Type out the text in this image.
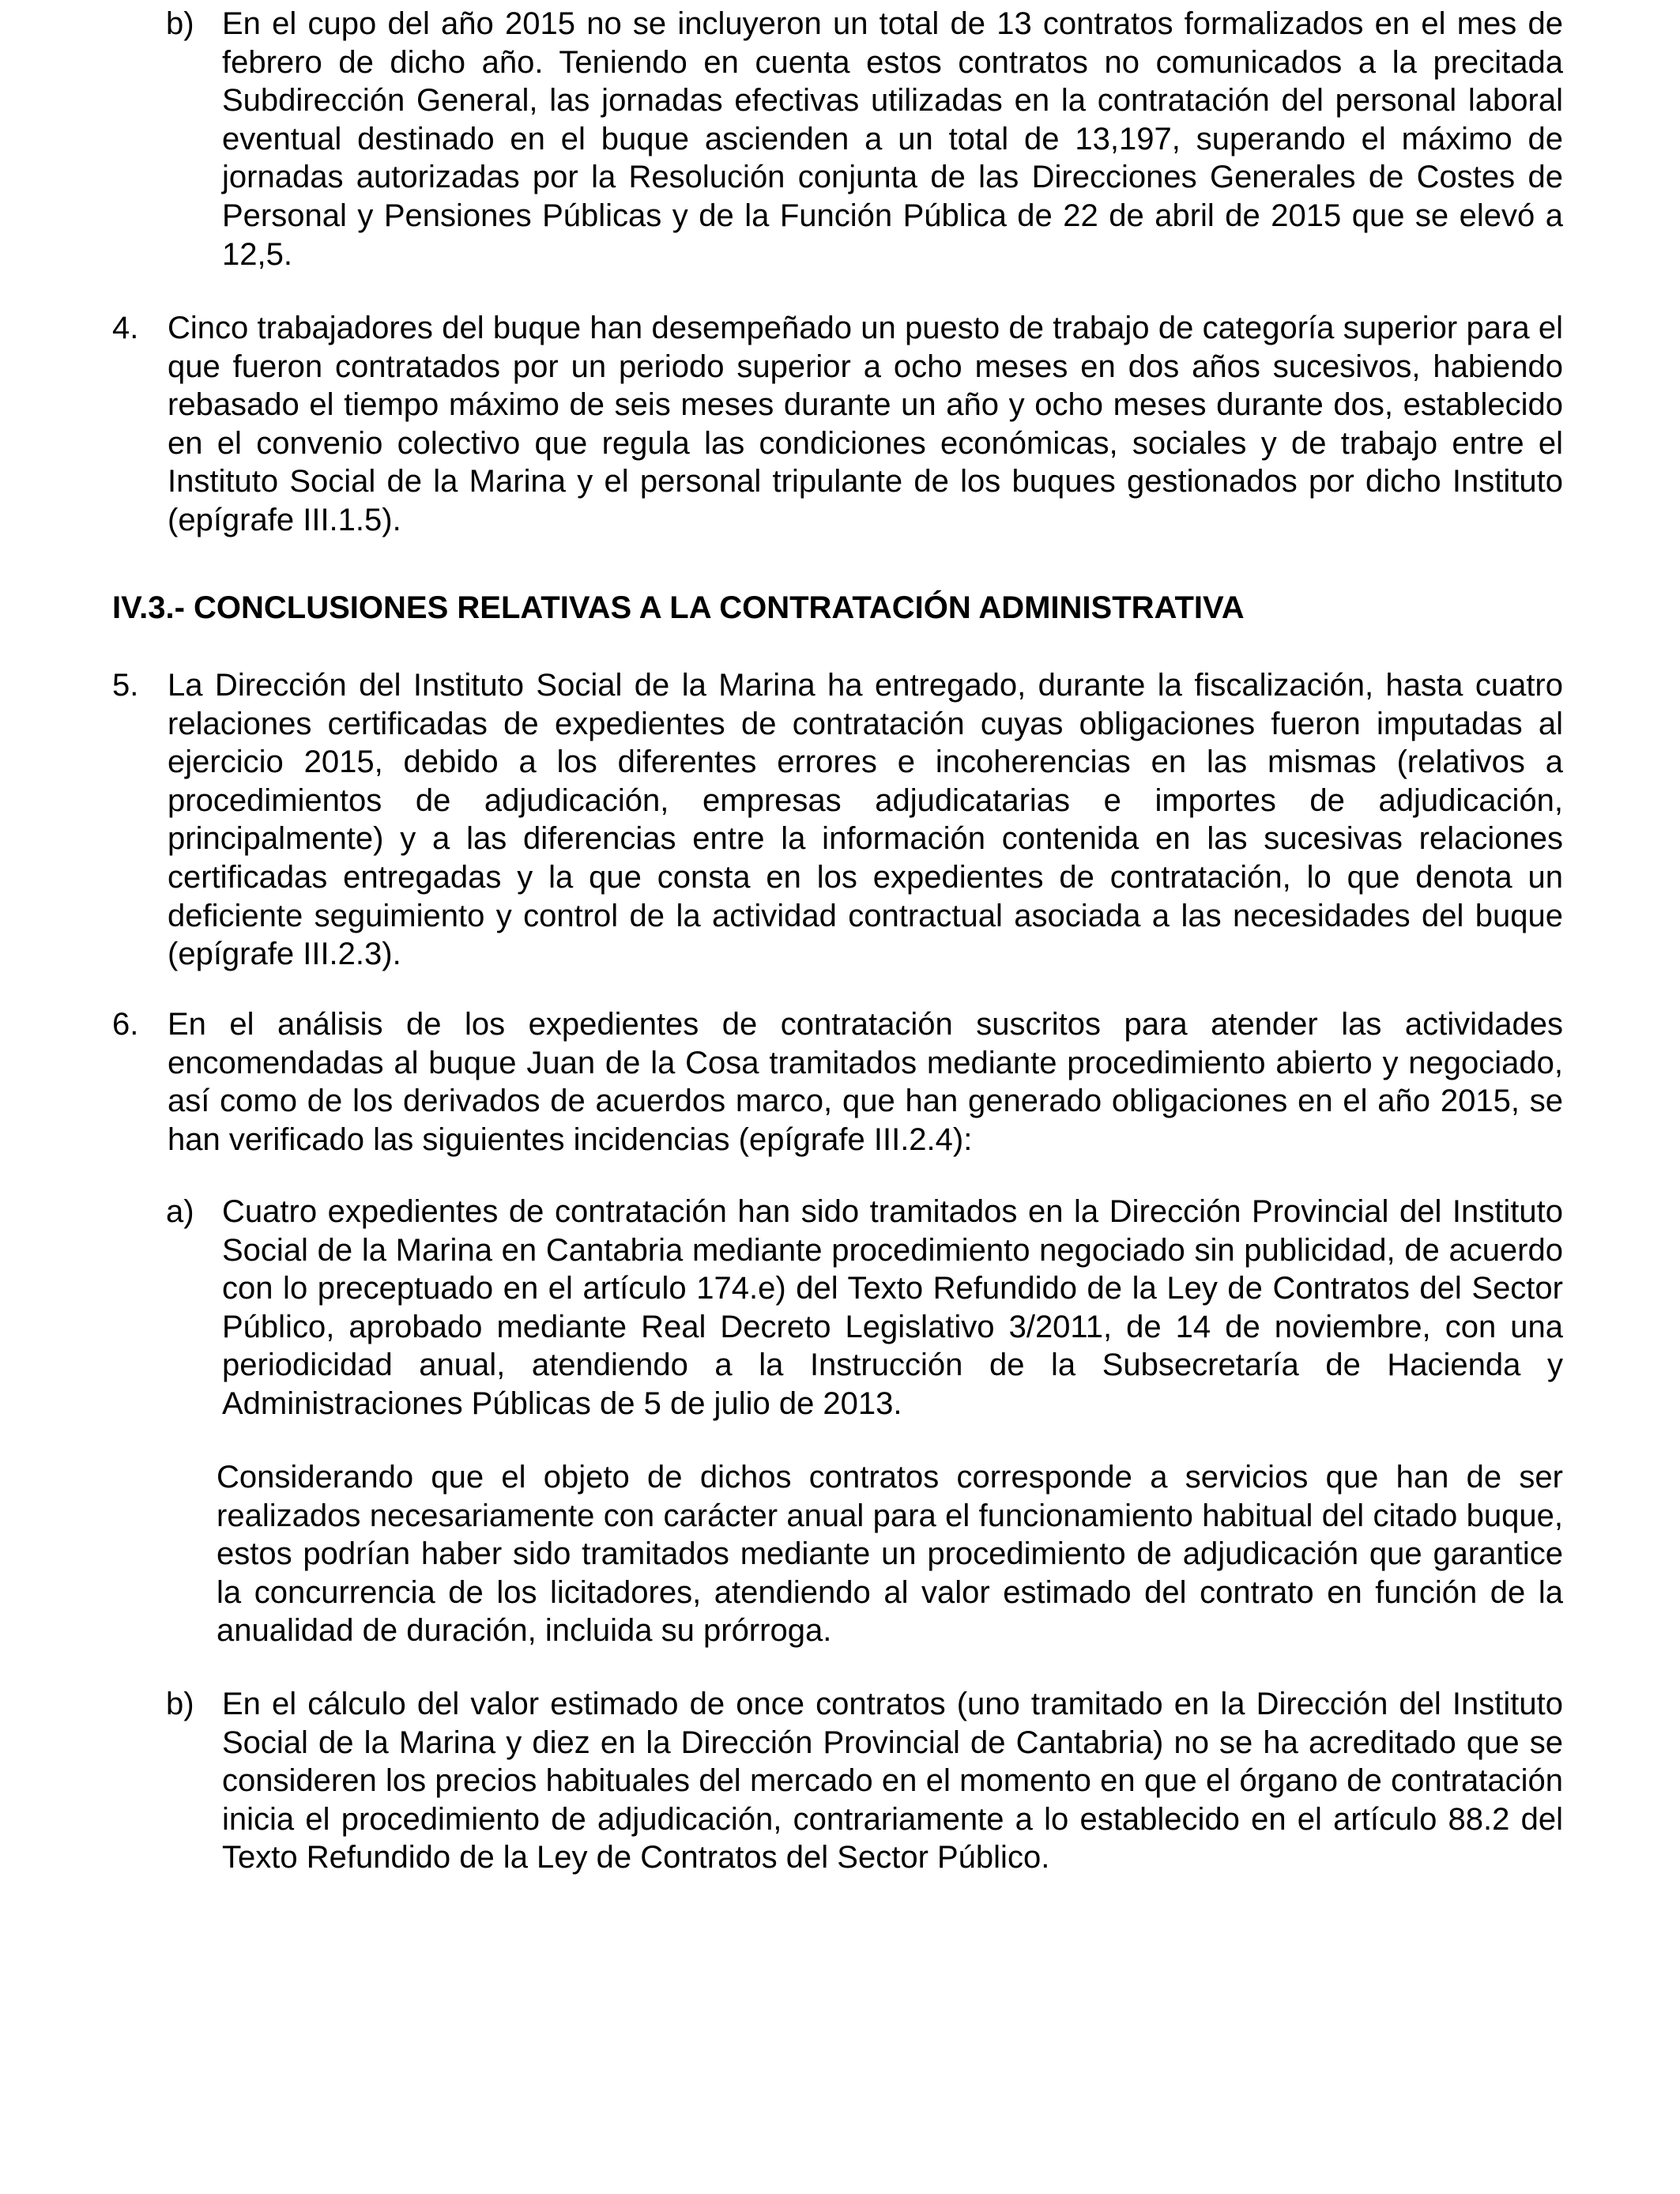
b) En el cupo del año 2015 no se incluyeron un total de 13 contratos formalizados en el mes de febrero de dicho año. Teniendo en cuenta estos contratos no comunicados a la precitada Subdirección General, las jornadas efectivas utilizadas en la contratación del personal laboral eventual destinado en el buque ascienden a un total de 13,197, superando el máximo de jornadas autorizadas por la Resolución conjunta de las Direcciones Generales de Costes de Personal y Pensiones Públicas y de la Función Pública de 22 de abril de 2015 que se elevó a 12,5.
4. Cinco trabajadores del buque han desempeñado un puesto de trabajo de categoría superior para el que fueron contratados por un periodo superior a ocho meses en dos años sucesivos, habiendo rebasado el tiempo máximo de seis meses durante un año y ocho meses durante dos, establecido en el convenio colectivo que regula las condiciones económicas, sociales y de trabajo entre el Instituto Social de la Marina y el personal tripulante de los buques gestionados por dicho Instituto (epígrafe III.1.5).
IV.3.- CONCLUSIONES RELATIVAS A LA CONTRATACIÓN ADMINISTRATIVA
5. La Dirección del Instituto Social de la Marina ha entregado, durante la fiscalización, hasta cuatro relaciones certificadas de expedientes de contratación cuyas obligaciones fueron imputadas al ejercicio 2015, debido a los diferentes errores e incoherencias en las mismas (relativos a procedimientos de adjudicación, empresas adjudicatarias e importes de adjudicación, principalmente) y a las diferencias entre la información contenida en las sucesivas relaciones certificadas entregadas y la que consta en los expedientes de contratación, lo que denota un deficiente seguimiento y control de la actividad contractual asociada a las necesidades del buque (epígrafe III.2.3).
6. En el análisis de los expedientes de contratación suscritos para atender las actividades encomendadas al buque Juan de la Cosa tramitados mediante procedimiento abierto y negociado, así como de los derivados de acuerdos marco, que han generado obligaciones en el año 2015, se han verificado las siguientes incidencias (epígrafe III.2.4):
a) Cuatro expedientes de contratación han sido tramitados en la Dirección Provincial del Instituto Social de la Marina en Cantabria mediante procedimiento negociado sin publicidad, de acuerdo con lo preceptuado en el artículo 174.e) del Texto Refundido de la Ley de Contratos del Sector Público, aprobado mediante Real Decreto Legislativo 3/2011, de 14 de noviembre, con una periodicidad anual, atendiendo a la Instrucción de la Subsecretaría de Hacienda y Administraciones Públicas de 5 de julio de 2013.
Considerando que el objeto de dichos contratos corresponde a servicios que han de ser realizados necesariamente con carácter anual para el funcionamiento habitual del citado buque, estos podrían haber sido tramitados mediante un procedimiento de adjudicación que garantice la concurrencia de los licitadores, atendiendo al valor estimado del contrato en función de la anualidad de duración, incluida su prórroga.
b) En el cálculo del valor estimado de once contratos (uno tramitado en la Dirección del Instituto Social de la Marina y diez en la Dirección Provincial de Cantabria) no se ha acreditado que se consideren los precios habituales del mercado en el momento en que el órgano de contratación inicia el procedimiento de adjudicación, contrariamente a lo establecido en el artículo 88.2 del Texto Refundido de la Ley de Contratos del Sector Público.
